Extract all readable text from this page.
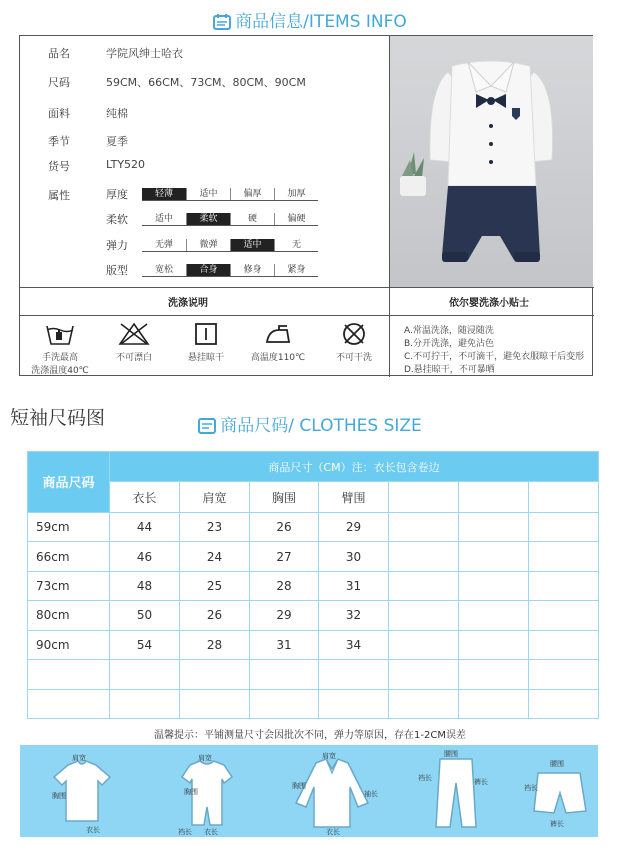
商品信息/ITEMS INFO
品名	学院风绅士哈衣
尺码	59CM、66CM、73CM、80CM、90CM
面料	纯棉
季节	夏季
货号	LTY520
属性	厚度	轻薄	适中	偏厚	加厚
柔软	适中	柔软	硬	偏硬
弹力	无弹	微弹	适中	无
版型	宽松	合身	修身	紧身
洗涤说明	依尔婴洗涤小贴士
手洗最高
洗涤温度40℃
不可漂白	悬挂晾干	高温度110℃	不可干洗
A.常温洗涤，随浸随洗
B.分开洗涤，避免沾色
C.不可拧干，不可滴干，避免衣服晾干后变形
D.悬挂晾干，不可暴晒
短袖尺码图	商品尺码/ CLOTHES SIZE
商品尺码	商品尺寸（CM）注：衣长包含卷边						
	衣长	肩宽	胸围	臂围			
59cm	44	23	26	29			
66cm	46	24	27	30			
73cm	48	25	28	31			
80cm	50	26	29	32			
90cm	54	28	31	34			

温馨提示：平铺测量尺寸会因批次不同，弹力等原因，存在1-2CM误差
肩宽
胸围
衣长
肩宽
胸围
裆长 衣长
肩宽
胸围
袖长
衣长
腰围
裆长	裤长
腰围
裆长
裤长
